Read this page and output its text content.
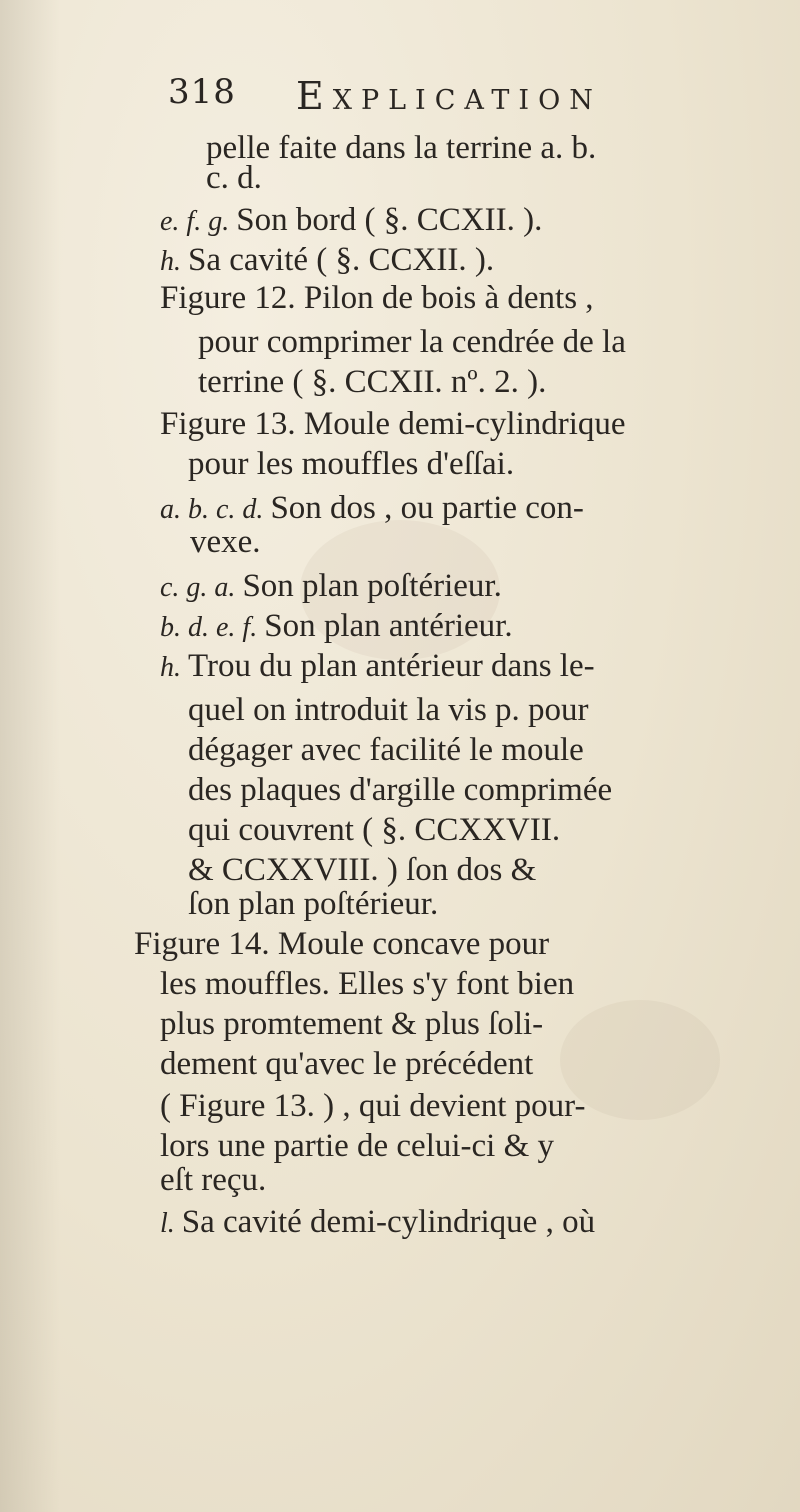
318 Explication
pelle faite dans la terrine a. b.
c. d.
e. f. g. Son bord ( §. CCXII. ).
h. Sa cavité ( §. CCXII. ).
Figure 12. Pilon de bois à dents ,
pour comprimer la cendrée de la
terrine ( §. CCXII. nº. 2. ).
Figure 13. Moule demi-cylindrique
pour les mouffles d'eſſai.
a. b. c. d. Son dos , ou partie con-
vexe.
c. g. a. Son plan poſtérieur.
b. d. e. f. Son plan antérieur.
h. Trou du plan antérieur dans le-
quel on introduit la vis p. pour
dégager avec facilité le moule
des plaques d'argille comprimée
qui couvrent ( §. CCXXVII.
& CCXXVIII. ) ſon dos &
ſon plan poſtérieur.
Figure 14. Moule concave pour
les mouffles. Elles s'y font bien
plus promtement & plus ſoli-
dement qu'avec le précédent
( Figure 13. ) , qui devient pour-
lors une partie de celui-ci & y
eſt reçu.
l. Sa cavité demi-cylindrique , où
